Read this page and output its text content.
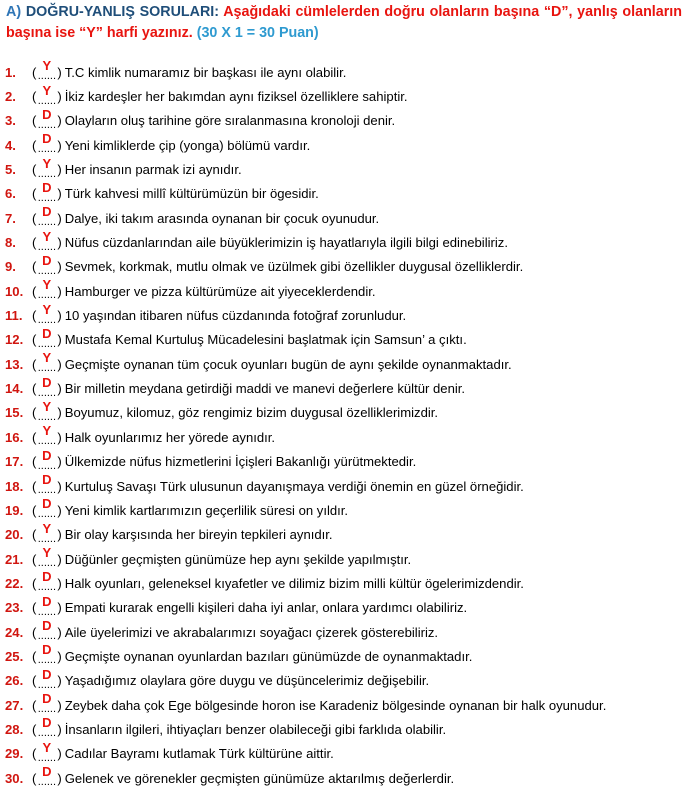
A) DOĞRU-YANLIŞ SORULARI: Aşağıdaki cümlelerden doğru olanların başına “D”, yanlış olanların başına ise “Y” harfi yazınız. (30 X 1 = 30 Puan)
1.	( ......
Y ) T.C kimlik numaramız bir başkası ile aynı olabilir.
2.	( ......
Y ) İkiz kardeşler her bakımdan aynı fiziksel özelliklere sahiptir.
3.	( ......
D ) Olayların oluş tarihine göre sıralanmasına kronoloji denir.
4.	( ......
D ) Yeni kimliklerde çip (yonga) bölümü vardır.
5.	( ......
Y ) Her insanın parmak izi aynıdır.
6.	( ......
D ) Türk kahvesi millî kültürümüzün bir ögesidir.
7.	( ......
D ) Dalye, iki takım arasında oynanan bir çocuk oyunudur.
8.	( ......
Y ) Nüfus cüzdanlarından aile büyüklerimizin iş hayatlarıyla ilgili bilgi edinebiliriz.
9.	( ......
D ) Sevmek, korkmak, mutlu olmak ve üzülmek gibi özellikler duygusal özelliklerdir.
10. ( ......
Y ) Hamburger ve pizza kültürümüze ait yiyeceklerdendir.
11. ( ......
Y ) 10 yaşından itibaren nüfus cüzdanında fotoğraf zorunludur.
12. ( ......
D ) Mustafa Kemal Kurtuluş Mücadelesini başlatmak için Samsun’ a çıktı.
13. ( ......
Y ) Geçmişte oynanan tüm çocuk oyunları bugün de aynı şekilde oynanmaktadır.
14. ( ......
D ) Bir milletin meydana getirdiği maddi ve manevi değerlere kültür denir.
15. ( ......
Y ) Boyumuz, kilomuz, göz rengimiz bizim duygusal özelliklerimizdir.
16. ( ......
Y ) Halk oyunlarımız her yörede aynıdır.
17. ( ......
D ) Ülkemizde nüfus hizmetlerini İçişleri Bakanlığı yürütmektedir.
18. ( ......
D ) Kurtuluş Savaşı Türk ulusunun dayanışmaya verdiği önemin en güzel örneğidir.
19. ( ......
D ) Yeni kimlik kartlarımızın geçerlilik süresi on yıldır.
20. ( ......
Y ) Bir olay karşısında her bireyin tepkileri aynıdır.
21. ( ......
Y ) Düğünler geçmişten günümüze hep aynı şekilde yapılmıştır.
22. ( ......
D ) Halk oyunları, geleneksel kıyafetler ve dilimiz bizim milli kültür ögelerimizdendir.
23. ( ......
D ) Empati kurarak engelli kişileri daha iyi anlar, onlara yardımcı olabiliriz.
24. ( ......
D ) Aile üyelerimizi ve akrabalarımızı soyağacı çizerek gösterebiliriz.
25. ( ......
D ) Geçmişte oynanan oyunlardan bazıları günümüzde de oynanmaktadır.
26. ( ......
D ) Yaşadığımız olaylara göre duygu ve düşüncelerimiz değişebilir.
27. ( ......
D ) Zeybek daha çok Ege bölgesinde horon ise Karadeniz bölgesinde oynanan bir halk oyunudur.
28. ( ......
D ) İnsanların ilgileri, ihtiyaçları benzer olabileceği gibi farklıda olabilir.
29. ( ......
Y ) Cadılar Bayramı kutlamak Türk kültürüne aittir.
30. ( ......
D ) Gelenek ve görenekler geçmişten günümüze aktarılmış değerlerdir.
